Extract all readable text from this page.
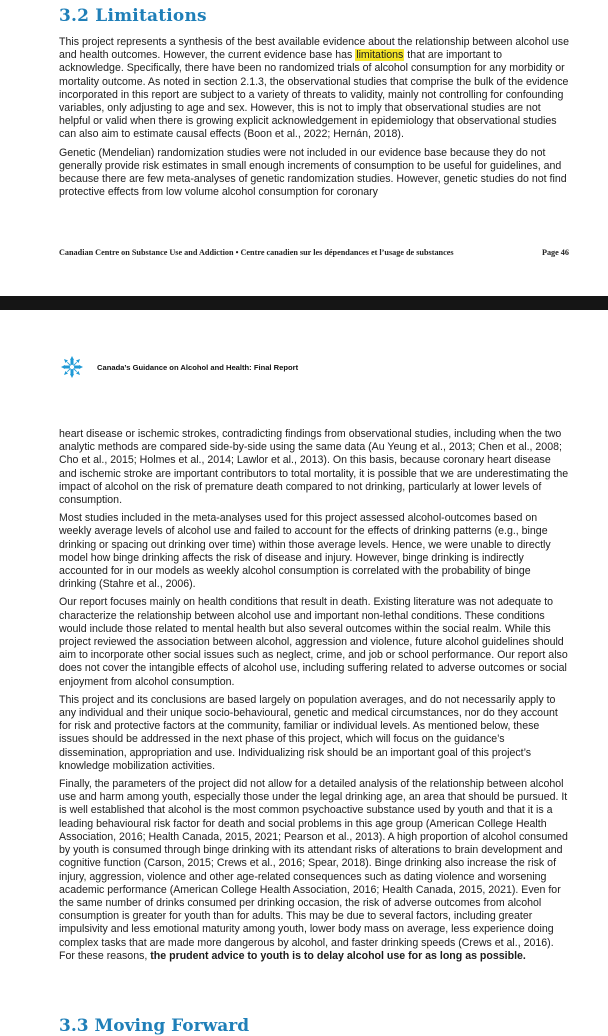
3.2 Limitations

This project represents a synthesis of the best available evidence about the relationship between alcohol use and health outcomes. However, the current evidence base has limitations that are important to acknowledge. Specifically, there have been no randomized trials of alcohol consumption for any morbidity or mortality outcome. As noted in section 2.1.3, the observational studies that comprise the bulk of the evidence incorporated in this report are subject to a variety of threats to validity, mainly not controlling for confounding variables, only adjusting to age and sex. However, this is not to imply that observational studies are not helpful or valid when there is growing explicit acknowledgement in epidemiology that observational studies can also aim to estimate causal effects (Boon et al., 2022; Hernán, 2018).

Genetic (Mendelian) randomization studies were not included in our evidence base because they do not generally provide risk estimates in small enough increments of consumption to be useful for guidelines, and because there are few meta-analyses of genetic randomization studies. However, genetic studies do not find protective effects from low volume alcohol consumption for coronary

Canadian Centre on Substance Use and Addiction • Centre canadien sur les dépendances et l’usage de substances	Page 46
Canada’s Guidance on Alcohol and Health: Final Report

heart disease or ischemic strokes, contradicting findings from observational studies, including when the two analytic methods are compared side-by-side using the same data (Au Yeung et al., 2013; Chen et al., 2008; Cho et al., 2015; Holmes et al., 2014; Lawlor et al., 2013). On this basis, because coronary heart disease and ischemic stroke are important contributors to total mortality, it is possible that we are underestimating the impact of alcohol on the risk of premature death compared to not drinking, particularly at lower levels of consumption.

Most studies included in the meta-analyses used for this project assessed alcohol-outcomes based on weekly average levels of alcohol use and failed to account for the effects of drinking patterns (e.g., binge drinking or spacing out drinking over time) within those average levels. Hence, we were unable to directly model how binge drinking affects the risk of disease and injury. However, binge drinking is indirectly accounted for in our models as weekly alcohol consumption is correlated with the probability of binge drinking (Stahre et al., 2006).

Our report focuses mainly on health conditions that result in death. Existing literature was not adequate to characterize the relationship between alcohol use and important non-lethal conditions. These conditions would include those related to mental health but also several outcomes within the social realm. While this project reviewed the association between alcohol, aggression and violence, future alcohol guidelines should aim to incorporate other social issues such as neglect, crime, and job or school performance. Our report also does not cover the intangible effects of alcohol use, including suffering related to adverse outcomes or social enjoyment from alcohol consumption.

This project and its conclusions are based largely on population averages, and do not necessarily apply to any individual and their unique socio-behavioural, genetic and medical circumstances, nor do they account for risk and protective factors at the community, familiar or individual levels. As mentioned below, these issues should be addressed in the next phase of this project, which will focus on the guidance’s dissemination, appropriation and use. Individualizing risk should be an important goal of this project’s knowledge mobilization activities.

Finally, the parameters of the project did not allow for a detailed analysis of the relationship between alcohol use and harm among youth, especially those under the legal drinking age, an area that should be pursued. It is well established that alcohol is the most common psychoactive substance used by youth and that it is a leading behavioural risk factor for death and social problems in this age group (American College Health Association, 2016; Health Canada, 2015, 2021; Pearson et al., 2013). A high proportion of alcohol consumed by youth is consumed through binge drinking with its attendant risks of alterations to brain development and cognitive function (Carson, 2015; Crews et al., 2016; Spear, 2018). Binge drinking also increase the risk of injury, aggression, violence and other age-related consequences such as dating violence and worsening academic performance (American College Health Association, 2016; Health Canada, 2015, 2021). Even for the same number of drinks consumed per drinking occasion, the risk of adverse outcomes from alcohol consumption is greater for youth than for adults. This may be due to several factors, including greater impulsivity and less emotional maturity among youth, lower body mass on average, less experience doing complex tasks that are made more dangerous by alcohol, and faster drinking speeds (Crews et al., 2016). For these reasons, the prudent advice to youth is to delay alcohol use for as long as possible.

3.3 Moving Forward
